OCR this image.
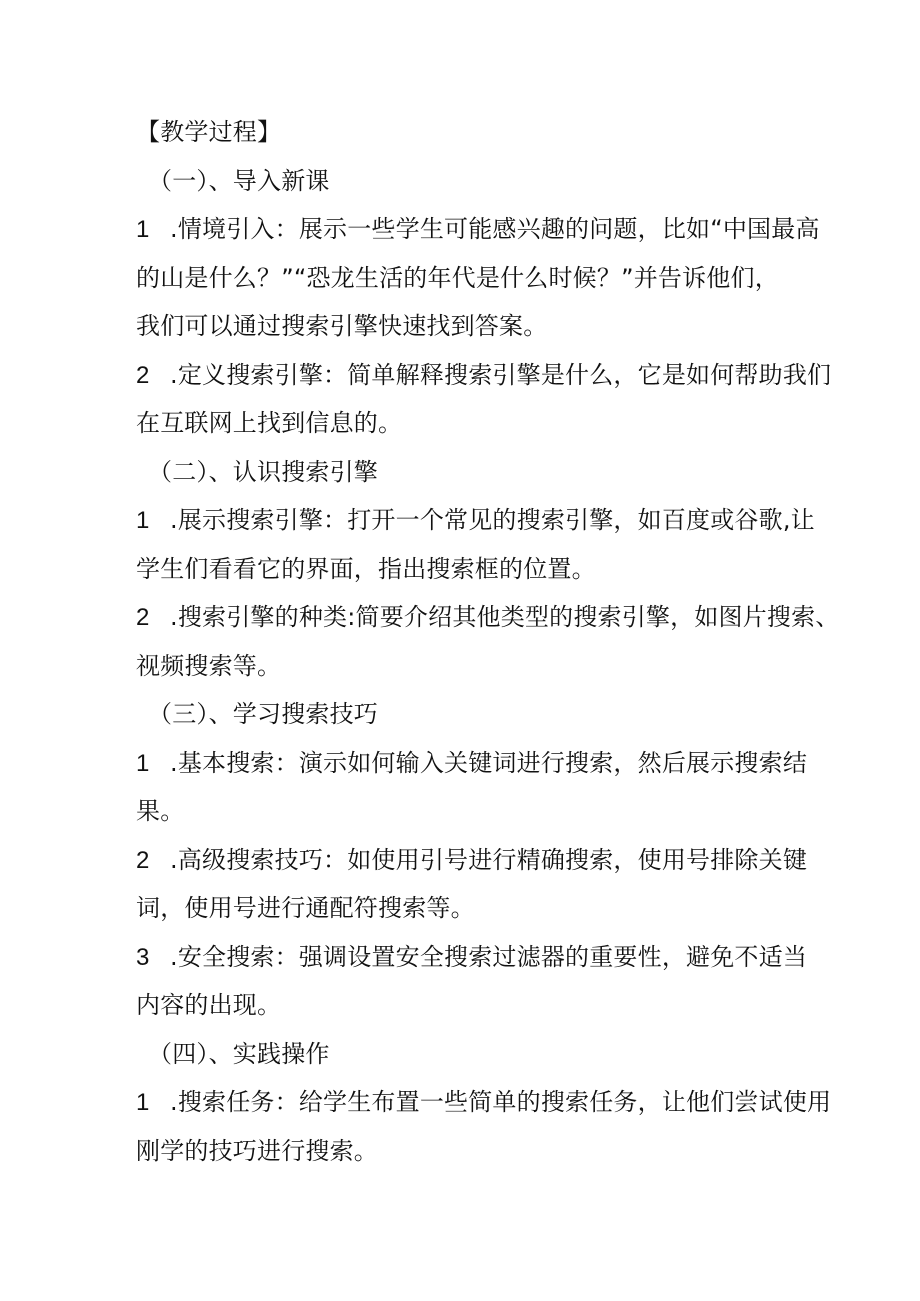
【教学过程】
（一）、导入新课
1 .情境引入：展示一些学生可能感兴趣的问题，比如“中国最高
的山是什么？”“恐龙生活的年代是什么时候？”并告诉他们，
我们可以通过搜索引擎快速找到答案。
2 .定义搜索引擎：简单解释搜索引擎是什么，它是如何帮助我们
在互联网上找到信息的。
（二）、认识搜索引擎
1 .展示搜索引擎：打开一个常见的搜索引擎，如百度或谷歌,让
学生们看看它的界面，指出搜索框的位置。
2 .搜索引擎的种类:简要介绍其他类型的搜索引擎，如图片搜索、
视频搜索等。
（三）、学习搜索技巧
1 .基本搜索：演示如何输入关键词进行搜索，然后展示搜索结
果。
2 .高级搜索技巧：如使用引号进行精确搜索，使用号排除关键
词，使用号进行通配符搜索等。
3 .安全搜索：强调设置安全搜索过滤器的重要性，避免不适当
内容的出现。
（四）、实践操作
1 .搜索任务：给学生布置一些简单的搜索任务，让他们尝试使用
刚学的技巧进行搜索。
